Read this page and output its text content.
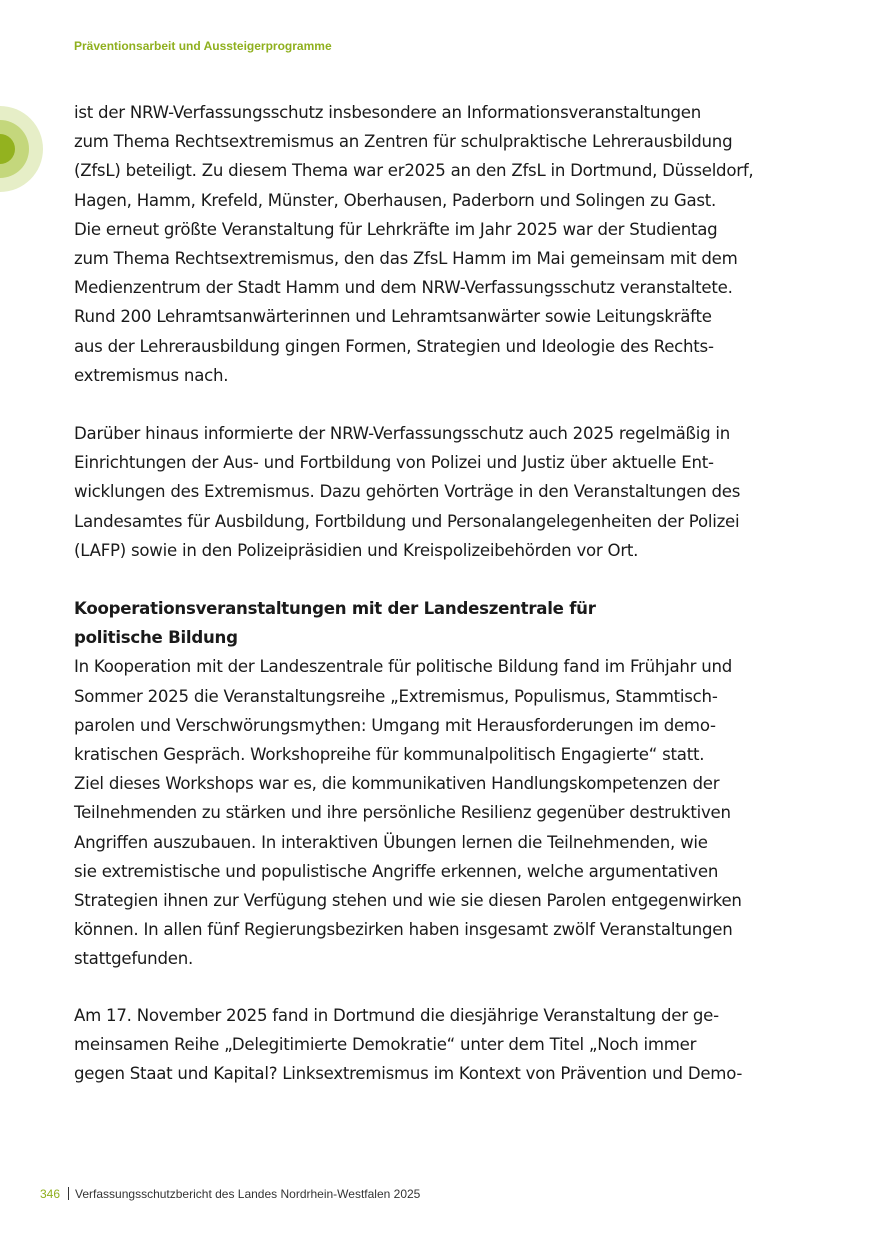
Präventionsarbeit und Aussteigerprogramme
ist der NRW-Verfassungsschutz insbesondere an Informationsveranstaltungen
zum Thema Rechtsextremismus an Zentren für schulpraktische Lehrerausbildung
(ZfsL) beteiligt. Zu diesem Thema war er2025 an den ZfsL in Dortmund, Düsseldorf,
Hagen, Hamm, Krefeld, Münster, Oberhausen, Paderborn und Solingen zu Gast.
Die erneut größte Veranstaltung für Lehrkräfte im Jahr 2025 war der Studientag
zum Thema Rechtsextremismus, den das ZfsL Hamm im Mai gemeinsam mit dem
Medienzentrum der Stadt Hamm und dem NRW-Verfassungsschutz veranstaltete.
Rund 200 Lehramtsanwärterinnen und Lehramtsanwärter sowie Leitungskräfte
aus der Lehrerausbildung gingen Formen, Strategien und Ideologie des Rechts-
extremismus nach.
Darüber hinaus informierte der NRW-Verfassungsschutz auch 2025 regelmäßig in
Einrichtungen der Aus- und Fortbildung von Polizei und Justiz über aktuelle Ent-
wicklungen des Extremismus. Dazu gehörten Vorträge in den Veranstaltungen des
Landesamtes für Ausbildung, Fortbildung und Personalangelegenheiten der Polizei
(LAFP) sowie in den Polizeipräsidien und Kreispolizeibehörden vor Ort.
Kooperationsveranstaltungen mit der Landeszentrale für
politische Bildung
In Kooperation mit der Landeszentrale für politische Bildung fand im Frühjahr und
Sommer 2025 die Veranstaltungsreihe „Extremismus, Populismus, Stammtisch-
parolen und Verschwörungsmythen: Umgang mit Herausforderungen im demo-
kratischen Gespräch. Workshopreihe für kommunalpolitisch Engagierte“ statt.
Ziel dieses Workshops war es, die kommunikativen Handlungskompetenzen der
Teilnehmenden zu stärken und ihre persönliche Resilienz gegenüber destruktiven
Angriffen auszubauen. In interaktiven Übungen lernen die Teilnehmenden, wie
sie extremistische und populistische Angriffe erkennen, welche argumentativen
Strategien ihnen zur Verfügung stehen und wie sie diesen Parolen entgegenwirken
können. In allen fünf Regierungsbezirken haben insgesamt zwölf Veranstaltungen
stattgefunden.
Am 17. November 2025 fand in Dortmund die diesjährige Veranstaltung der ge-
meinsamen Reihe „Delegitimierte Demokratie“ unter dem Titel „Noch immer
gegen Staat und Kapital? Linksextremismus im Kontext von Prävention und Demo-
346 Verfassungsschutzbericht des Landes Nordrhein-Westfalen 2025
